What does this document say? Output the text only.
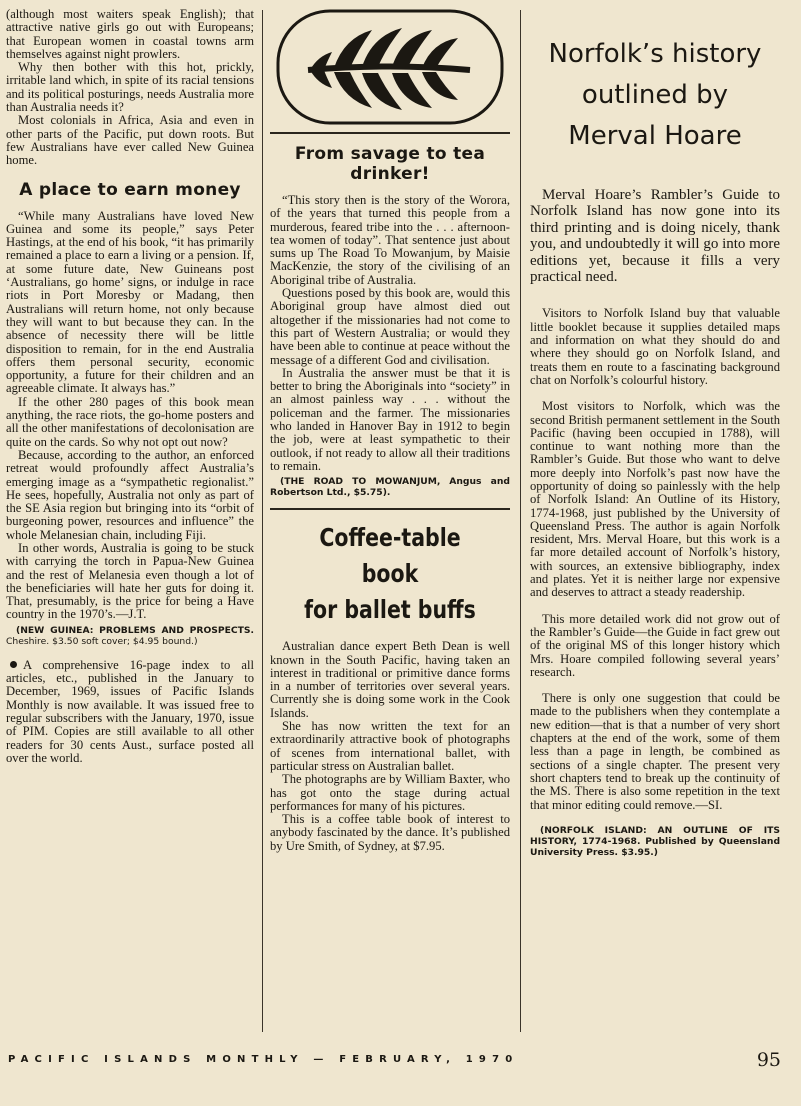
(although most waiters speak English); that attractive native girls go out with Europeans; that European women in coastal towns arm themselves against night prowlers.

Why then bother with this hot, prickly, irritable land which, in spite of its racial tensions and its political posturings, needs Australia more than Australia needs it?

Most colonials in Africa, Asia and even in other parts of the Pacific, put down roots. But few Australians have ever called New Guinea home.

A place to earn money

“While many Australians have loved New Guinea and some its people,” says Peter Hastings, at the end of his book, “it has primarily remained a place to earn a living or a pension. If, at some future date, New Guineans post ‘Australians, go home’ signs, or indulge in race riots in Port Moresby or Madang, then Australians will return home, not only because they will want to but because they can. In the absence of necessity there will be little disposition to remain, for in the end Australia offers them personal security, economic opportunity, a future for their children and an agreeable climate. It always has.”

If the other 280 pages of this book mean anything, the race riots, the go-home posters and all the other manifestations of decolonisation are quite on the cards. So why not opt out now?

Because, according to the author, an enforced retreat would profoundly affect Australia’s emerging image as a “sympathetic regionalist.” He sees, hopefully, Australia not only as part of the SE Asia region but bringing into its “orbit of burgeoning power, resources and influence” the whole Melanesian chain, including Fiji.

In other words, Australia is going to be stuck with carrying the torch in Papua-New Guinea and the rest of Melanesia even though a lot of the beneficiaries will hate her guts for doing it. That, presumably, is the price for being a Have country in the 1970’s.—J.T.

(NEW GUINEA: PROBLEMS AND PROSPECTS. Cheshire. $3.50 soft cover; $4.95 bound.)
A comprehensive 16-page index to all articles, etc., published in the January to December, 1969, issues of Pacific Islands Monthly is now available. It was issued free to regular subscribers with the January, 1970, issue of PIM. Copies are still available to all other readers for 30 cents Aust., surface posted all over the world.
From savage to tea drinker!

“This story then is the story of the Worora, of the years that turned this people from a murderous, feared tribe into the . . . afternoon-tea women of today”. That sentence just about sums up The Road To Mowanjum, by Maisie MacKenzie, the story of the civilising of an Aboriginal tribe of Australia.

Questions posed by this book are, would this Aboriginal group have almost died out altogether if the missionaries had not come to this part of Western Australia; or would they have been able to continue at peace without the message of a different God and civilisation.

In Australia the answer must be that it is better to bring the Aboriginals into “society” in an almost painless way . . . without the policeman and the farmer. The missionaries who landed in Hanover Bay in 1912 to begin the job, were at least sympathetic to their outlook, if not ready to allow all their traditions to remain.

(THE ROAD TO MOWANJUM, Angus and Robertson Ltd., $5.75).
Coffee-table book
for ballet buffs

Australian dance expert Beth Dean is well known in the South Pacific, having taken an interest in traditional or primitive dance forms in a number of territories over several years. Currently she is doing some work in the Cook Islands.

She has now written the text for an extraordinarily attractive book of photographs of scenes from international ballet, with particular stress on Australian ballet.

The photographs are by William Baxter, who has got onto the stage during actual performances for many of his pictures.

This is a coffee table book of interest to anybody fascinated by the dance. It’s published by Ure Smith, of Sydney, at $7.95.

Norfolk’s history
outlined by
Merval Hoare
Merval Hoare’s Rambler’s Guide to Norfolk Island has now gone into its third printing and is doing nicely, thank you, and undoubtedly it will go into more editions yet, because it fills a very practical need.

Visitors to Norfolk Island buy that valuable little booklet because it supplies detailed maps and information on what they should do and where they should go on Norfolk Island, and treats them en route to a fascinating background chat on Norfolk’s colourful history.

Most visitors to Norfolk, which was the second British permanent settlement in the South Pacific (having been occupied in 1788), will continue to want nothing more than the Rambler’s Guide. But those who want to delve more deeply into Norfolk’s past now have the opportunity of doing so painlessly with the help of Norfolk Island: An Outline of its History, 1774-1968, just published by the University of Queensland Press. The author is again Norfolk resident, Mrs. Merval Hoare, but this work is a far more detailed account of Norfolk’s history, with sources, an extensive bibliography, index and plates. Yet it is neither large nor expensive and deserves to attract a steady readership.

This more detailed work did not grow out of the Rambler’s Guide—the Guide in fact grew out of the original MS of this longer history which Mrs. Hoare compiled following several years’ research.

There is only one suggestion that could be made to the publishers when they contemplate a new edition—that is that a number of very short chapters at the end of the work, some of them less than a page in length, be combined as sections of a single chapter. The present very short chapters tend to break up the continuity of the MS. There is also some repetition in the text that minor editing could remove.—SI.

(NORFOLK ISLAND: AN OUTLINE OF ITS HISTORY, 1774-1968. Published by Queensland University Press. $3.95.)
PACIFIC ISLANDS MONTHLY — FEBRUARY, 1970	95
